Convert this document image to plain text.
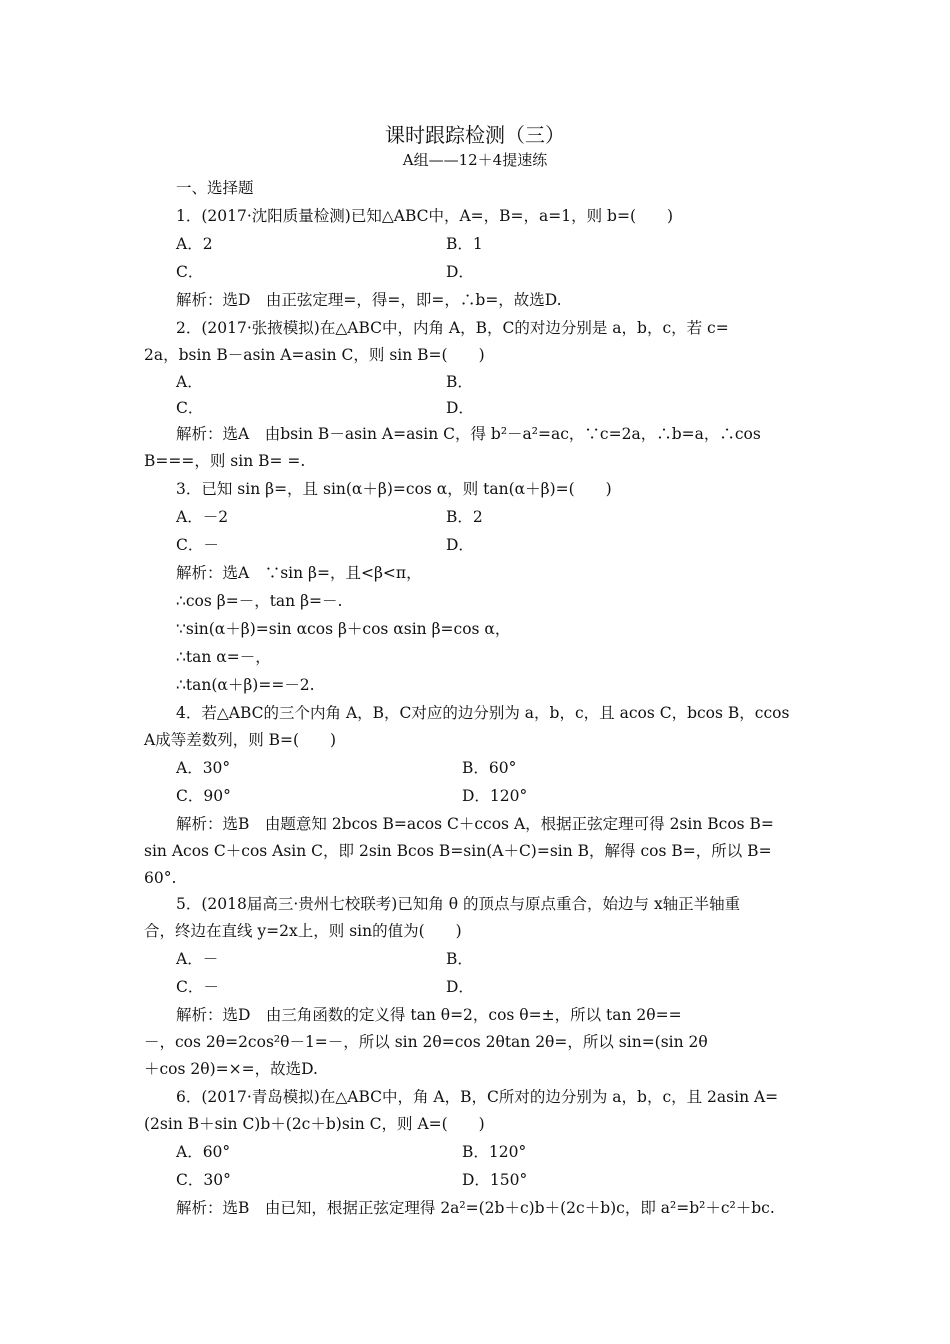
课时跟踪检测（三）
A组——12＋4提速练
一、选择题
1．(2017·沈阳质量检测)已知△ABC中，A=，B=，a=1，则 b=(　　)
A．2	B．1
C．	D．
解析：选D　由正弦定理=，得=，即=，∴b=，故选D.
2．(2017·张掖模拟)在△ABC中，内角 A，B，C的对边分别是 a，b，c，若 c=
2a，bsin B－asin A=asin C，则 sin B=(　　)
A．	B．
C．	D．
解析：选A　由bsin B－asin A=asin C，得 b²－a²=ac，∵c=2a，∴b=a，∴cos
B===，则 sin B= =.
3．已知 sin β=，且 sin(α＋β)=cos α，则 tan(α＋β)=(　　)
A．－2	B．2
C．－	D．
解析：选A　∵sin β=，且<β<π，
∴cos β=－，tan β=－.
∵sin(α＋β)=sin αcos β＋cos αsin β=cos α，
∴tan α=－，
∴tan(α＋β)==－2.
4．若△ABC的三个内角 A，B，C对应的边分别为 a，b，c，且 acos C，bcos B，ccos
A成等差数列，则 B=(　　)
A．30°	B．60°
C．90°	D．120°
解析：选B　由题意知 2bcos B=acos C＋ccos A，根据正弦定理可得 2sin Bcos B=
sin Acos C＋cos Asin C，即 2sin Bcos B=sin(A＋C)=sin B，解得 cos B=，所以 B=
60°.
5．(2018届高三·贵州七校联考)已知角 θ 的顶点与原点重合，始边与 x轴正半轴重
合，终边在直线 y=2x上，则 sin的值为(　　)
A．－	B．
C．－	D．
解析：选D　由三角函数的定义得 tan θ=2，cos θ=±，所以 tan 2θ==
－，cos 2θ=2cos²θ－1=－，所以 sin 2θ=cos 2θtan 2θ=，所以 sin=(sin 2θ
＋cos 2θ)=×=，故选D.
6．(2017·青岛模拟)在△ABC中，角 A，B，C所对的边分别为 a，b，c，且 2asin A=
(2sin B＋sin C)b＋(2c＋b)sin C，则 A=(　　)
A．60°	B．120°
C．30°	D．150°
解析：选B　由已知，根据正弦定理得 2a²=(2b＋c)b＋(2c＋b)c，即 a²=b²＋c²＋bc.
